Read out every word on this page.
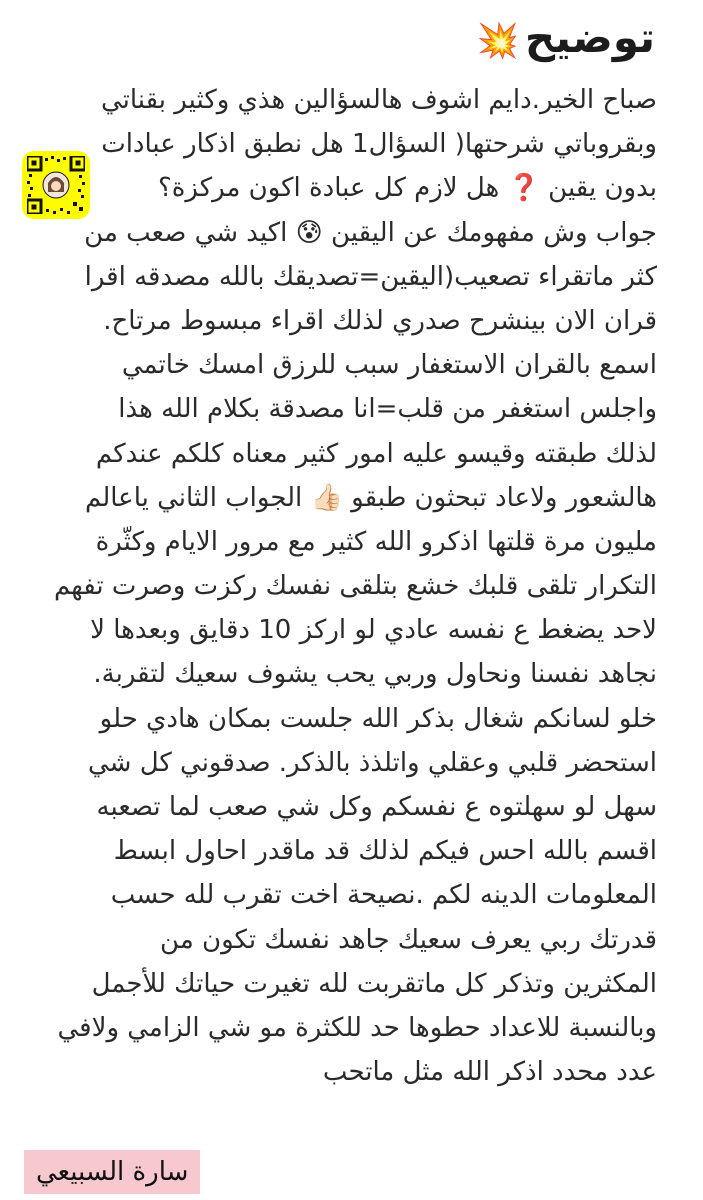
توضيح💥
صباح الخير.دايم اشوف هالسؤالين هذي وكثير بقناتي
وبقروباتي شرحتها( السؤال1 هل نطبق اذكار عبادات
بدون يقين ❓ هل لازم كل عبادة اكون مركزة؟
جواب وش مفهومك عن اليقين 😰 اكيد شي صعب من
كثر ماتقراء تصعيب(اليقين=تصديقك بالله مصدقه اقرا
قران الان بينشرح صدري لذلك اقراء مبسوط مرتاح.
اسمع بالقران الاستغفار سبب للرزق امسك خاتمي
واجلس استغفر من قلب=انا مصدقة بكلام الله هذا
لذلك طبقته وقيسو عليه امور كثير معناه كلكم عندكم
هالشعور ولاعاد تبحثون طبقو 👍🏻 الجواب الثاني ياعالم
مليون مرة قلتها اذكرو الله كثير مع مرور الايام وكثّرة
التكرار تلقى قلبك خشع بتلقى نفسك ركزت وصرت تفهم
لاحد يضغط ع نفسه عادي لو اركز 10 دقايق وبعدها لا
نجاهد نفسنا ونحاول وربي يحب يشوف سعيك لتقربة.
خلو لسانكم شغال بذكر الله جلست بمكان هادي حلو
استحضر قلبي وعقلي واتلذذ بالذكر. صدقوني كل شي
سهل لو سهلتوه ع نفسكم وكل شي صعب لما تصعبه
اقسم بالله احس فيكم لذلك قد ماقدر احاول ابسط
المعلومات الدينه لكم .نصيحة اخت تقرب لله حسب
قدرتك ربي يعرف سعيك جاهد نفسك تكون من
المكثرين وتذكر كل ماتقربت لله تغيرت حياتك للأجمل
وبالنسبة للاعداد حطوها حد للكثرة مو شي الزامي ولافي
عدد محدد اذكر الله مثل ماتحب
سارة السبيعي
